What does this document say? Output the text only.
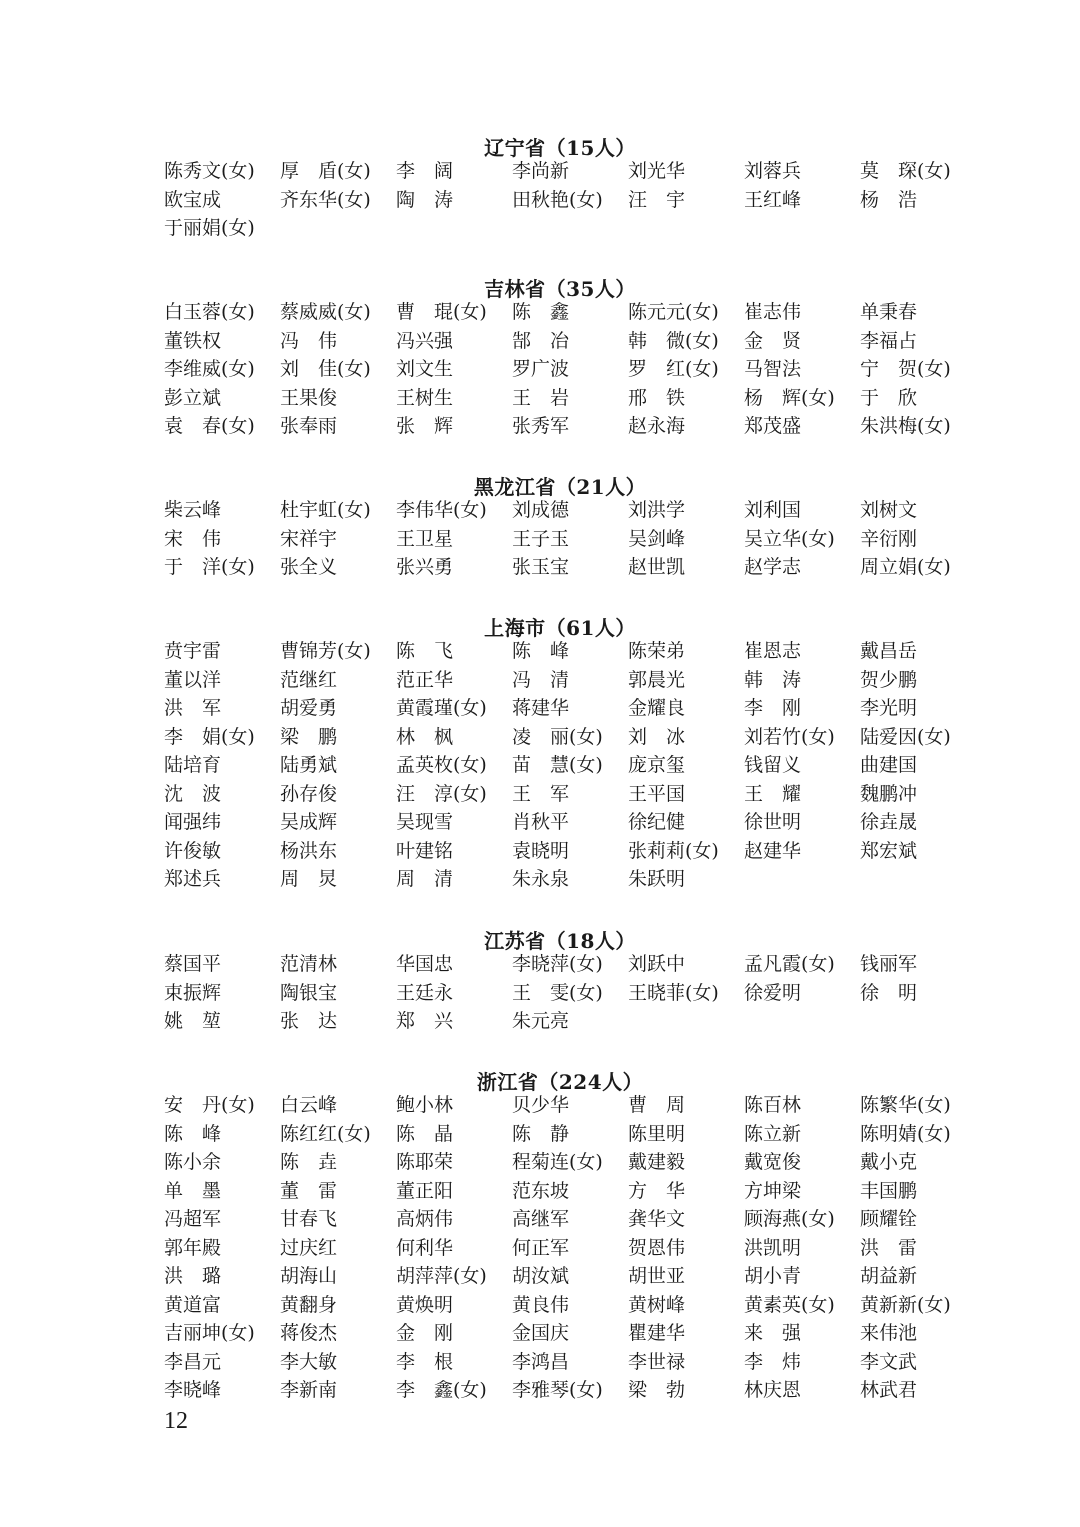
辽宁省（15人）
陈秀文(女) 厚　盾(女) 李　阔	李尚新	刘光华	刘蓉兵	莫　琛(女)
欧宝成	齐东华(女) 陶　涛	田秋艳(女) 汪　宇	王红峰	杨　浩
于丽娟(女)
吉林省（35人）
白玉蓉(女) 蔡威威(女) 曹　琨(女) 陈　鑫	陈元元(女) 崔志伟	单秉春
董铁权	冯　伟	冯兴强	郜　冶	韩　微(女) 金　贤	李福占
李维威(女) 刘　佳(女) 刘文生	罗广波	罗　红(女) 马智法	宁　贺(女)
彭立斌	王果俊	王树生	王　岩	邢　铁	杨　辉(女) 于　欣
袁　春(女) 张奉雨	张　辉	张秀军	赵永海	郑茂盛	朱洪梅(女)
黑龙江省（21人）
柴云峰	杜宇虹(女) 李伟华(女) 刘成德	刘洪学	刘利国	刘树文
宋　伟	宋祥宇	王卫星	王子玉	吴剑峰	吴立华(女) 辛衍刚
于　洋(女) 张全义	张兴勇	张玉宝	赵世凯	赵学志	周立娟(女)
上海市（61人）
贲宇雷	曹锦芳(女) 陈　飞	陈　峰	陈荣弟	崔恩志	戴昌岳
董以洋	范继红	范正华	冯　清	郭晨光	韩　涛	贺少鹏
洪　军	胡爱勇	黄霞瑾(女) 蒋建华	金耀良	李　刚	李光明
李　娟(女) 梁　鹏	林　枫	凌　丽(女) 刘　冰	刘若竹(女) 陆爱因(女)
陆培育	陆勇斌	孟英枚(女) 苗　慧(女) 庞京玺	钱留义	曲建国
沈　波	孙存俊	汪　淳(女) 王　军	王平国	王　耀	魏鹏冲
闻强纬	吴成辉	吴现雪	肖秋平	徐纪健	徐世明	徐垚晟
许俊敏	杨洪东	叶建铭	袁晓明	张莉莉(女) 赵建华	郑宏斌
郑述兵	周　炅	周　清	朱永泉	朱跃明
江苏省（18人）
蔡国平	范清林	华国忠	李晓萍(女) 刘跃中	孟凡霞(女) 钱丽军
束振辉	陶银宝	王廷永	王　雯(女) 王晓菲(女) 徐爱明	徐　明
姚　堃	张　达	郑　兴	朱元亮
浙江省（224人）
安　丹(女) 白云峰	鲍小林	贝少华	曹　周	陈百林	陈繁华(女)
陈　峰	陈红红(女) 陈　晶	陈　静	陈里明	陈立新	陈明婧(女)
陈小余	陈　垚	陈耶荣	程菊连(女) 戴建毅	戴宽俊	戴小克
单　墨	董　雷	董正阳	范东坡	方　华	方坤梁	丰国鹏
冯超军	甘春飞	高炳伟	高继军	龚华文	顾海燕(女) 顾耀铨
郭年殿	过庆红	何利华	何正军	贺恩伟	洪凯明	洪　雷
洪　璐	胡海山	胡萍萍(女) 胡汝斌	胡世亚	胡小青	胡益新
黄道富	黄翻身	黄焕明	黄良伟	黄树峰	黄素英(女) 黄新新(女)
吉丽坤(女) 蒋俊杰	金　刚	金国庆	瞿建华	来　强	来伟池
李昌元	李大敏	李　根	李鸿昌	李世禄	李　炜	李文武
李晓峰	李新南	李　鑫(女) 李雅琴(女) 梁　勃	林庆恩	林武君
12
